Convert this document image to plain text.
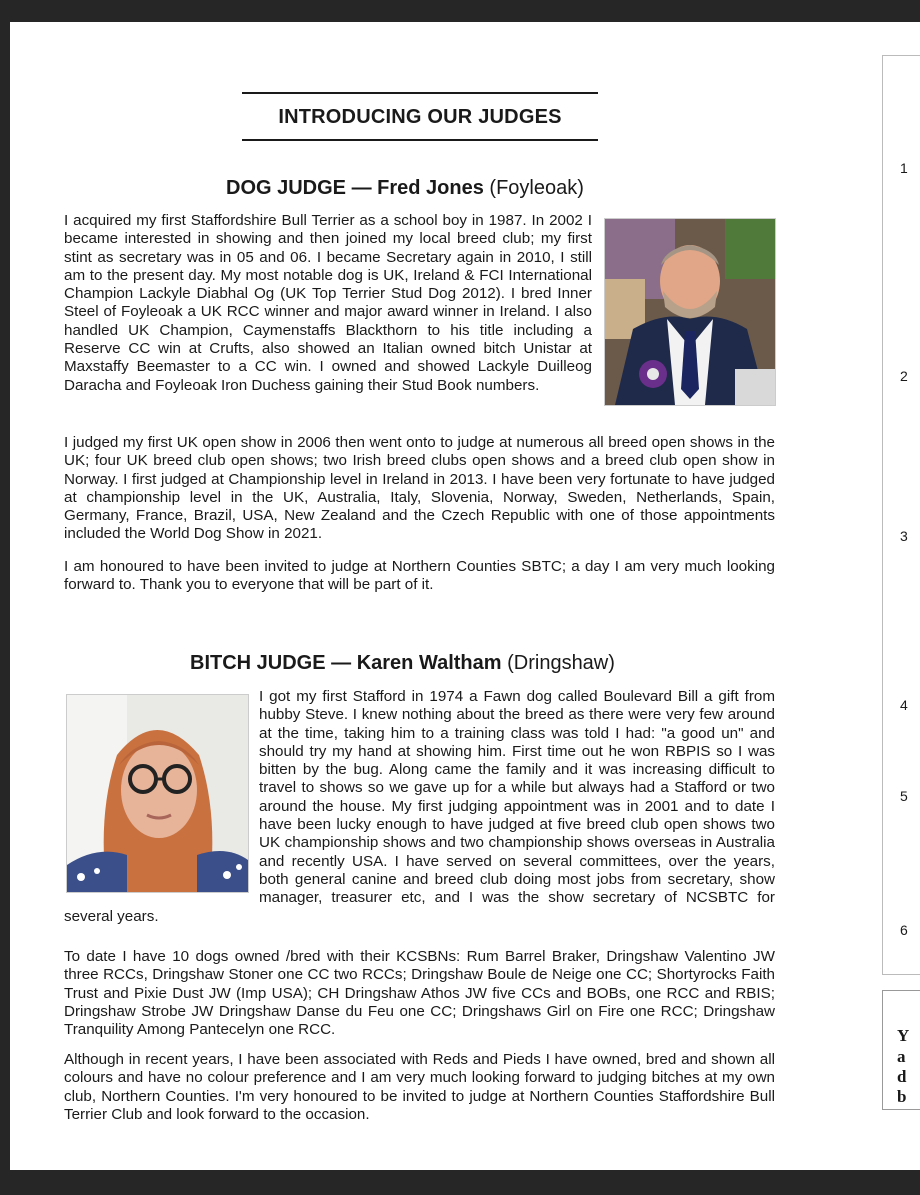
INTRODUCING OUR JUDGES
DOG JUDGE — Fred Jones (Foyleoak)

I acquired my first Staffordshire Bull Terrier as a school boy in 1987. In 2002 I became interested in showing and then joined my local breed club; my first stint as secretary was in 05 and 06. I became Secretary again in 2010, I still am to the present day. My most notable dog is UK, Ireland & FCI International Champion Lackyle Diabhal Og (UK Top Terrier Stud Dog 2012). I bred Inner Steel of Foyleoak a UK RCC winner and major award winner in Ireland. I also handled UK Champion, Caymenstaffs Blackthorn to his title including a Reserve CC win at Crufts, also showed an Italian owned bitch Unistar at Maxstaffy Beemaster to a CC win. I owned and showed Lackyle Duilleog Daracha and Foyleoak Iron Duchess gaining their Stud Book numbers.

I judged my first UK open show in 2006 then went onto to judge at numerous all breed open shows in the UK; four UK breed club open shows; two Irish breed clubs open shows and a breed club open show in Norway. I first judged at Championship level in Ireland in 2013. I have been very fortunate to have judged at championship level in the UK, Australia, Italy, Slovenia, Norway, Sweden, Netherlands, Spain, Germany, France, Brazil, USA, New Zealand and the Czech Republic with one of those appointments included the World Dog Show in 2021.

I am honoured to have been invited to judge at Northern Counties SBTC; a day I am very much looking forward to. Thank you to everyone that will be part of it.

BITCH JUDGE — Karen Waltham (Dringshaw)

I got my first Stafford in 1974 a Fawn dog called Boulevard Bill a gift from hubby Steve. I knew nothing about the breed as there were very few around at the time, taking him to a training class was told I had: "a good un" and should try my hand at showing him. First time out he won RBPIS so I was bitten by the bug. Along came the family and it was increasing difficult to travel to shows so we gave up for a while but always had a Stafford or two around the house. My first judging appointment was in 2001 and to date I have been lucky enough to have judged at five breed club open shows two UK championship shows and two championship shows overseas in Australia and recently USA. I have served on several committees, over the years, both general canine and breed club doing most jobs from secretary, show manager, treasurer etc, and I was the show secretary of NCSBTC for several years.

To date I have 10 dogs owned /bred with their KCSBNs: Rum Barrel Braker, Dringshaw Valentino JW three RCCs, Dringshaw Stoner one CC two RCCs; Dringshaw Boule de Neige one CC; Shortyrocks Faith Trust and Pixie Dust JW (Imp USA); CH Dringshaw Athos JW five CCs and BOBs, one RCC and RBIS; Dringshaw Strobe JW Dringshaw Danse du Feu one CC; Dringshaws Girl on Fire one RCC; Dringshaw Tranquility Among Pantecelyn one RCC.

Although in recent years, I have been associated with Reds and Pieds I have owned, bred and shown all colours and have no colour preference and I am very much looking forward to judging bitches at my own club, Northern Counties. I'm very honoured to be invited to judge at Northern Counties Staffordshire Bull Terrier Club and look forward to the occasion.

1
2
3
4
5
6
Y
a
d
b
